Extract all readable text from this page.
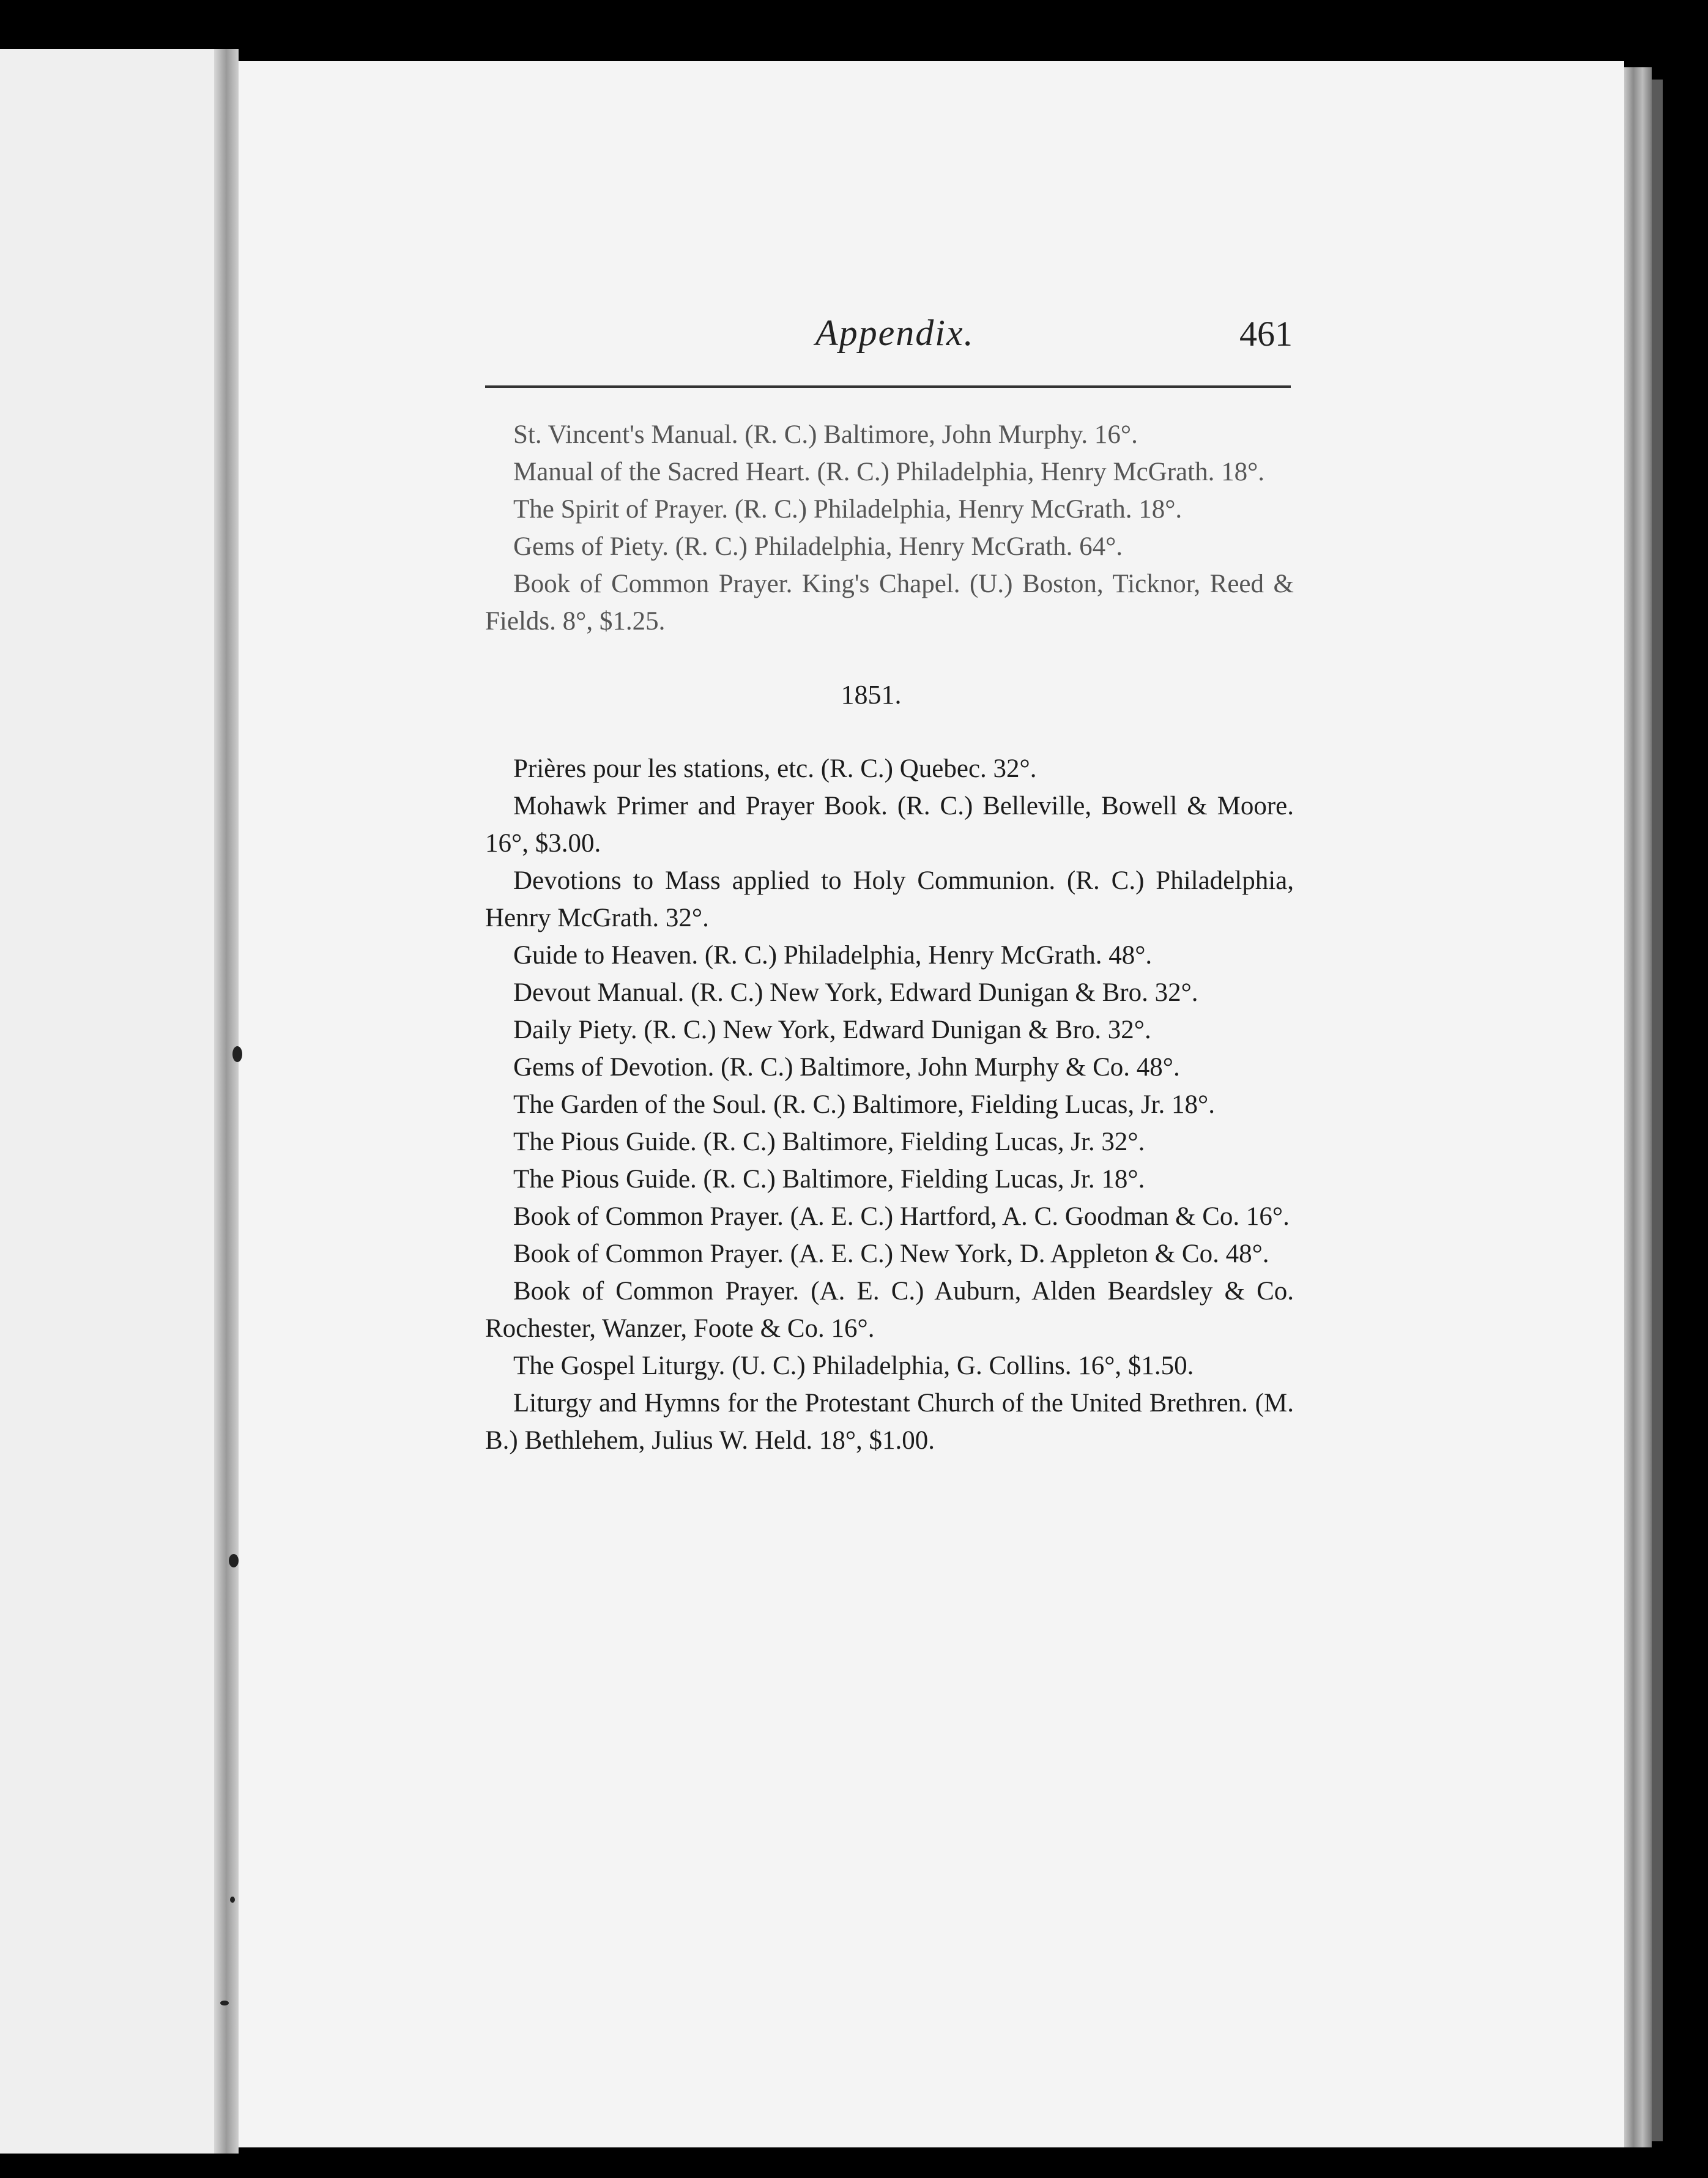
Appendix.	461

St. Vincent's Manual. (R. C.) Baltimore, John Murphy. 16°.

Manual of the Sacred Heart. (R. C.) Philadelphia, Henry McGrath. 18°.

The Spirit of Prayer. (R. C.) Philadelphia, Henry McGrath. 18°.

Gems of Piety. (R. C.) Philadelphia, Henry McGrath. 64°.

Book of Common Prayer. King's Chapel. (U.) Boston, Ticknor, Reed & Fields. 8°, $1.25.

1851.

Prières pour les stations, etc. (R. C.) Quebec. 32°.

Mohawk Primer and Prayer Book. (R. C.) Belleville, Bowell & Moore. 16°, $3.00.

Devotions to Mass applied to Holy Communion. (R. C.) Philadelphia, Henry McGrath. 32°.

Guide to Heaven. (R. C.) Philadelphia, Henry McGrath. 48°.

Devout Manual. (R. C.) New York, Edward Dunigan & Bro. 32°.

Daily Piety. (R. C.) New York, Edward Dunigan & Bro. 32°.

Gems of Devotion. (R. C.) Baltimore, John Murphy & Co. 48°.

The Garden of the Soul. (R. C.) Baltimore, Fielding Lucas, Jr. 18°.

The Pious Guide. (R. C.) Baltimore, Fielding Lucas, Jr. 32°.

The Pious Guide. (R. C.) Baltimore, Fielding Lucas, Jr. 18°.

Book of Common Prayer. (A. E. C.) Hartford, A. C. Goodman & Co. 16°.

Book of Common Prayer. (A. E. C.) New York, D. Appleton & Co. 48°.

Book of Common Prayer. (A. E. C.) Auburn, Alden Beardsley & Co. Rochester, Wanzer, Foote & Co. 16°.

The Gospel Liturgy. (U. C.) Philadelphia, G. Collins. 16°, $1.50.

Liturgy and Hymns for the Protestant Church of the United Brethren. (M. B.) Bethlehem, Julius W. Held. 18°, $1.00.
